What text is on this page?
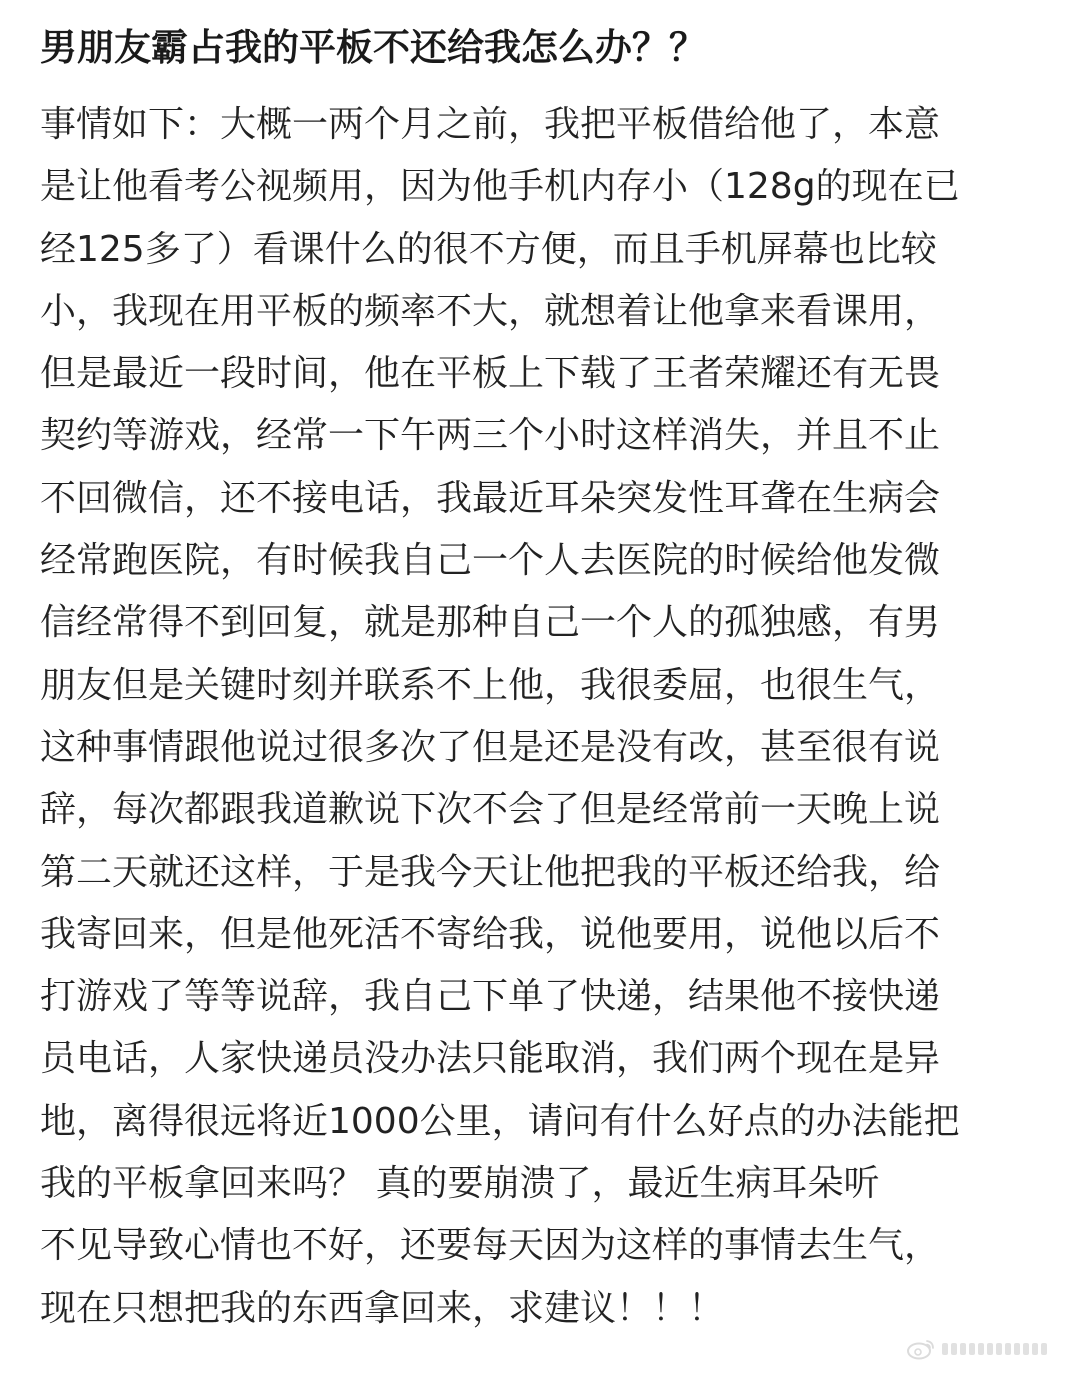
男朋友霸占我的平板不还给我怎么办？？
事情如下：大概一两个月之前，我把平板借给他了，本意
是让他看考公视频用，因为他手机内存小（128g的现在已
经125多了）看课什么的很不方便，而且手机屏幕也比较
小，我现在用平板的频率不大，就想着让他拿来看课用，
但是最近一段时间，他在平板上下载了王者荣耀还有无畏
契约等游戏，经常一下午两三个小时这样消失，并且不止
不回微信，还不接电话，我最近耳朵突发性耳聋在生病会
经常跑医院，有时候我自己一个人去医院的时候给他发微
信经常得不到回复，就是那种自己一个人的孤独感，有男
朋友但是关键时刻并联系不上他，我很委屈，也很生气，
这种事情跟他说过很多次了但是还是没有改，甚至很有说
辞，每次都跟我道歉说下次不会了但是经常前一天晚上说
第二天就还这样，于是我今天让他把我的平板还给我，给
我寄回来，但是他死活不寄给我，说他要用，说他以后不
打游戏了等等说辞，我自己下单了快递，结果他不接快递
员电话，人家快递员没办法只能取消，我们两个现在是异
地，离得很远将近1000公里，请问有什么好点的办法能把
我的平板拿回来吗？ 真的要崩溃了，最近生病耳朵听
不见导致心情也不好，还要每天因为这样的事情去生气，
现在只想把我的东西拿回来，求建议！！！
